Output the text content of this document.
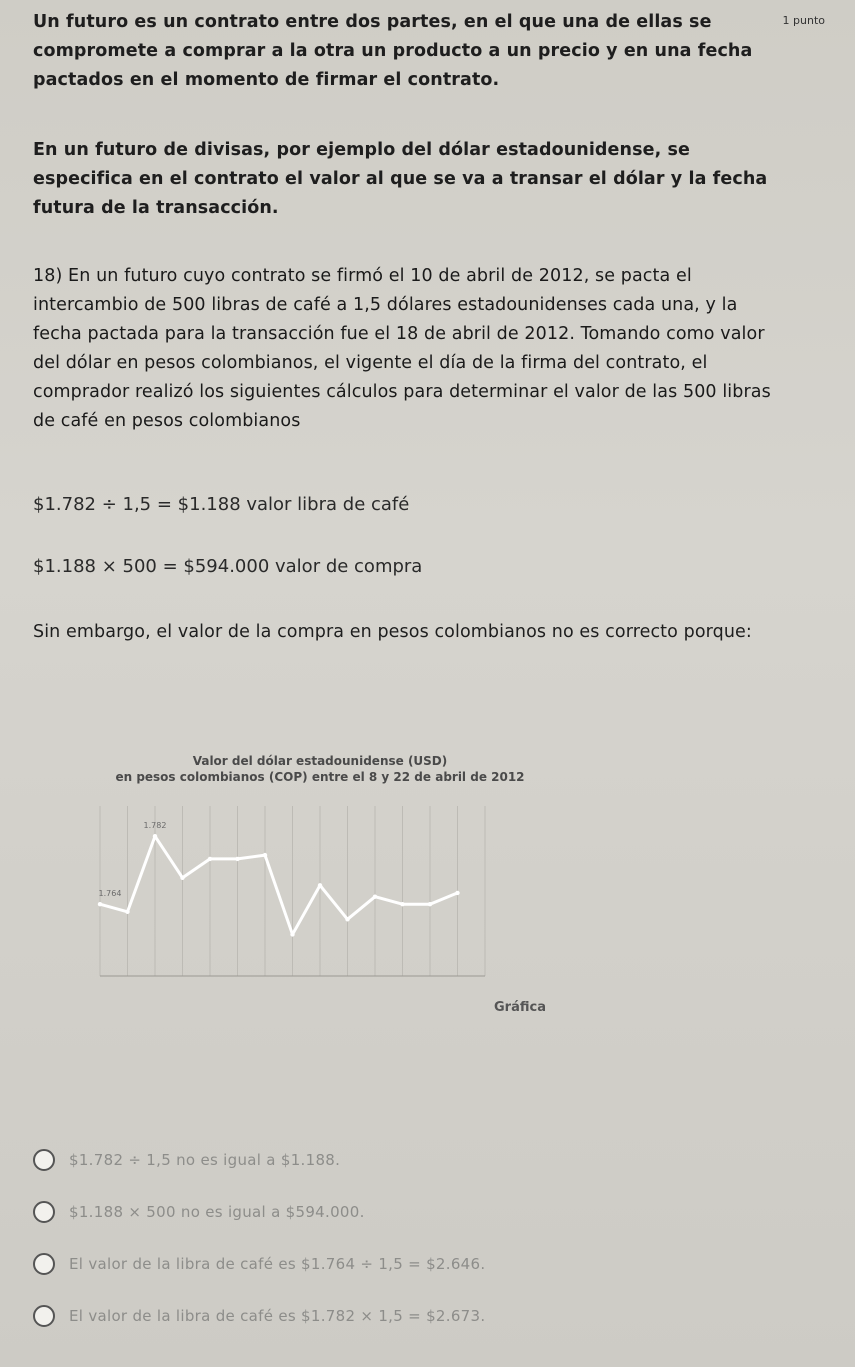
1 punto
Un futuro es un contrato entre dos partes, en el que una de ellas se compromete a comprar a la otra un producto a un precio y en una fecha pactados en el momento de firmar el contrato.
En un futuro de divisas, por ejemplo del dólar estadounidense, se especifica en el contrato el valor al que se va a transar el dólar y la fecha futura de la transacción.
18) En un futuro cuyo contrato se firmó el 10 de abril de 2012, se pacta el intercambio de 500 libras de café a 1,5 dólares estadounidenses cada una, y la fecha pactada para la transacción fue el 18 de abril de 2012. Tomando como valor del dólar en pesos colombianos, el vigente el día de la firma del contrato, el comprador realizó los siguientes cálculos para determinar el valor de las 500 libras de café en pesos colombianos
$1.782 ÷ 1,5 = $1.188 valor libra de café
$1.188 × 500 = $594.000 valor de compra
Sin embargo, el valor de la compra en pesos colombianos no es correcto porque:
Valor del dólar estadounidense (USD)
en pesos colombianos (COP) entre el 8 y 22 de abril de 2012
1.764
1.782
Gráfica
$1.782 ÷ 1,5 no es igual a $1.188.
$1.188 × 500 no es igual a $594.000.
El valor de la libra de café es $1.764 ÷ 1,5 = $2.646.
El valor de la libra de café es $1.782 × 1,5 = $2.673.
